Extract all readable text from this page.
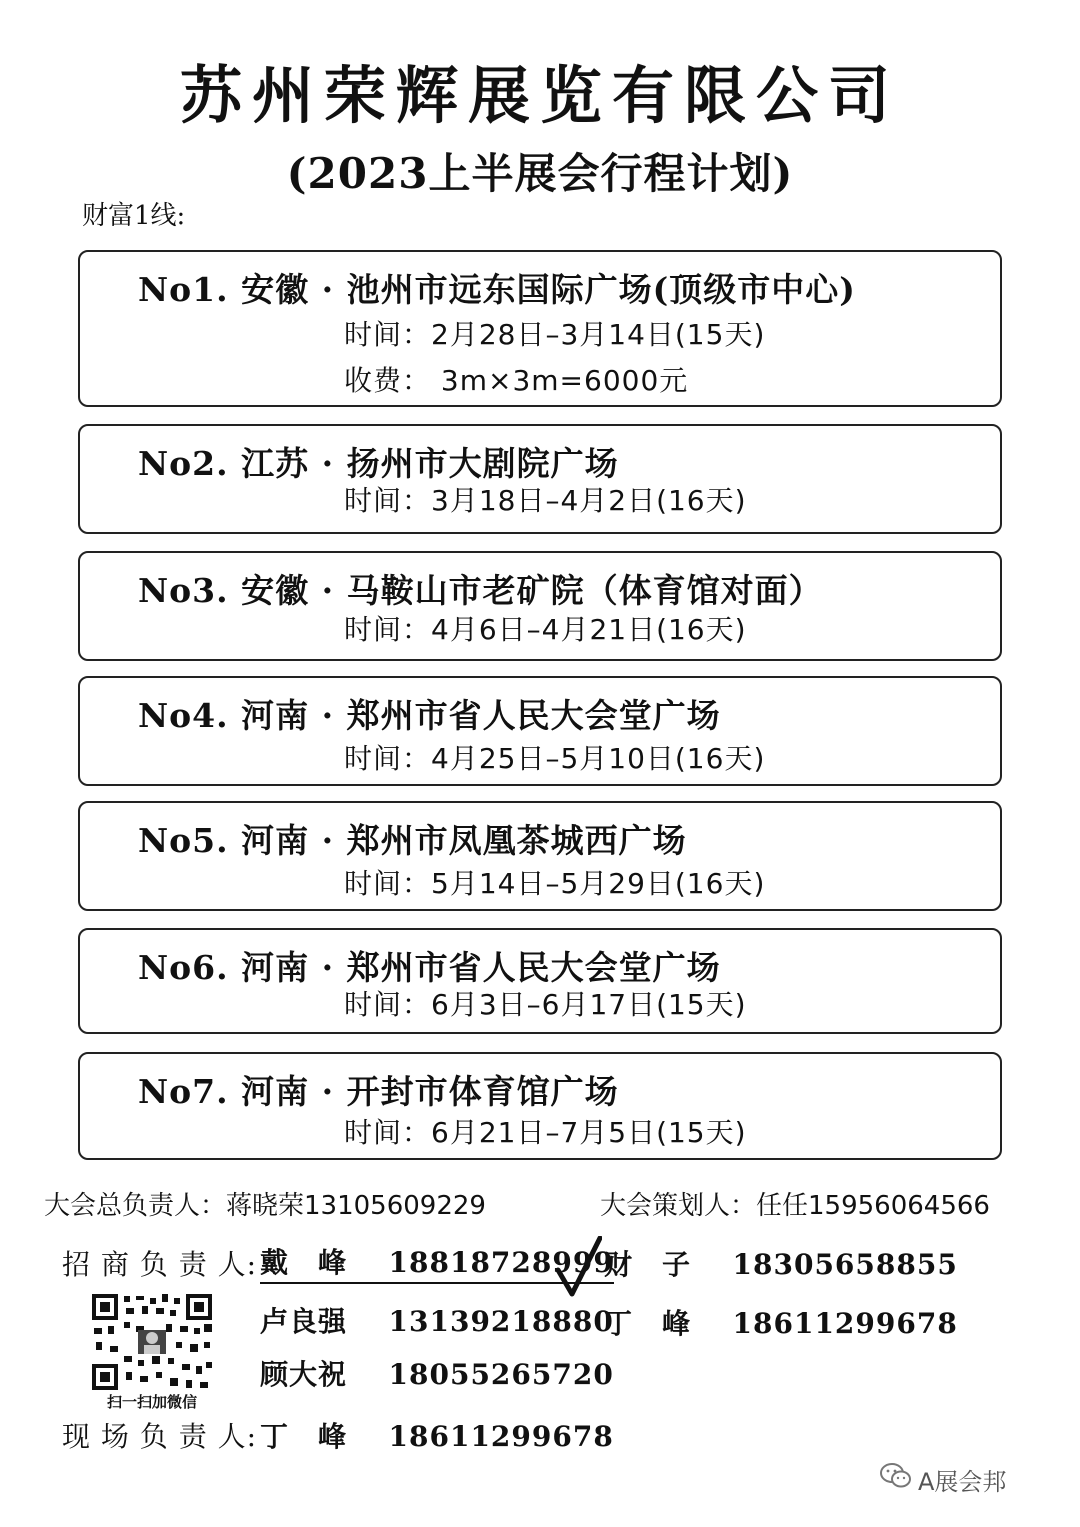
苏州荣辉展览有限公司
(2023上半展会行程计划)
财富1线:
No1. 安徽 · 池州市远东国际广场(顶级市中心)
时间：2月28日–3月14日(15天)
收费： 3m×3m=6000元
No2. 江苏 · 扬州市大剧院广场
时间：3月18日–4月2日(16天)
No3. 安徽 · 马鞍山市老矿院（体育馆对面）
时间：4月6日–4月21日(16天)
No4. 河南 · 郑州市省人民大会堂广场
时间：4月25日–5月10日(16天)
No5. 河南 · 郑州市凤凰茶城西广场
时间：5月14日–5月29日(16天)
No6. 河南 · 郑州市省人民大会堂广场
时间：6月3日–6月17日(15天)
No7. 河南 · 开封市体育馆广场
时间：6月21日–7月5日(15天)
大会总负责人：蒋晓荣13105609229	大会策划人：任任15956064566
招 商 负 责 人: 戴　峰 18818728999
财　子 18305658855
卢良强 13139218880
丁　峰 18611299678
顾大祝 18055265720
扫一扫加微信
现 场 负 责 人: 丁　峰 18611299678
A展会邦
